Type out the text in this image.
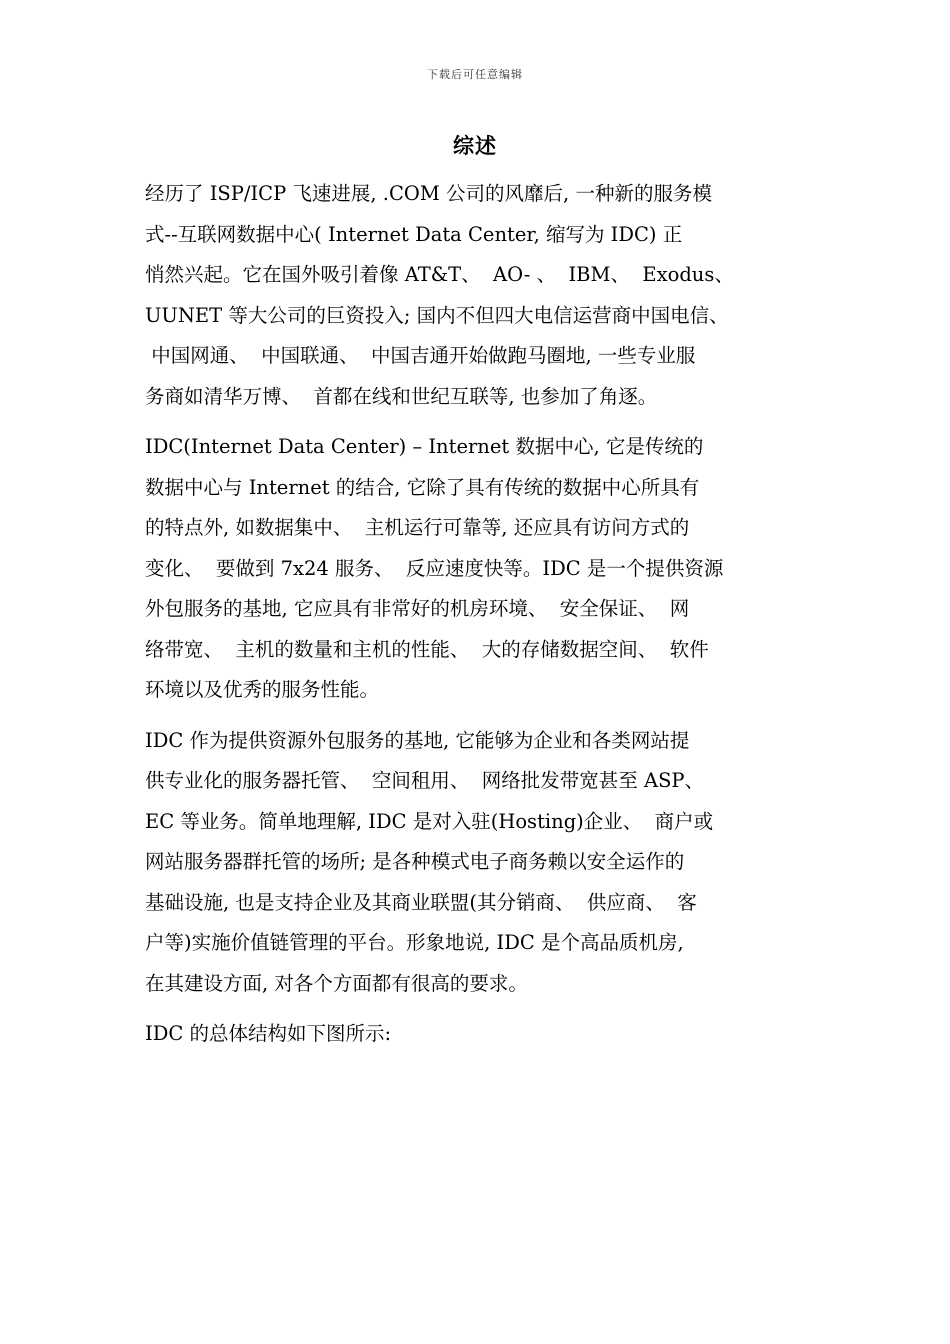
下载后可任意编辑
综述
经历了 ISP/ICP 飞速进展, .COM 公司的风靡后, 一种新的服务模
式--互联网数据中心( Internet Data Center, 缩写为 IDC) 正
悄然兴起。它在国外吸引着像 AT&T、  AO- 、  IBM、  Exodus、
UUNET 等大公司的巨资投入; 国内不但四大电信运营商中国电信、
中国网通、  中国联通、  中国吉通开始做跑马圈地, 一些专业服
务商如清华万博、  首都在线和世纪互联等, 也参加了角逐。
IDC(Internet Data Center) – Internet 数据中心, 它是传统的
数据中心与 Internet 的结合, 它除了具有传统的数据中心所具有
的特点外, 如数据集中、  主机运行可靠等, 还应具有访问方式的
变化、  要做到 7x24 服务、  反应速度快等。IDC 是一个提供资源
外包服务的基地, 它应具有非常好的机房环境、  安全保证、  网
络带宽、  主机的数量和主机的性能、  大的存储数据空间、  软件
环境以及优秀的服务性能。
IDC 作为提供资源外包服务的基地, 它能够为企业和各类网站提
供专业化的服务器托管、  空间租用、  网络批发带宽甚至 ASP、
EC 等业务。简单地理解, IDC 是对入驻(Hosting)企业、  商户或
网站服务器群托管的场所; 是各种模式电子商务赖以安全运作的
基础设施, 也是支持企业及其商业联盟(其分销商、  供应商、  客
户等)实施价值链管理的平台。形象地说, IDC 是个高品质机房,
在其建设方面, 对各个方面都有很高的要求。
IDC 的总体结构如下图所示:
